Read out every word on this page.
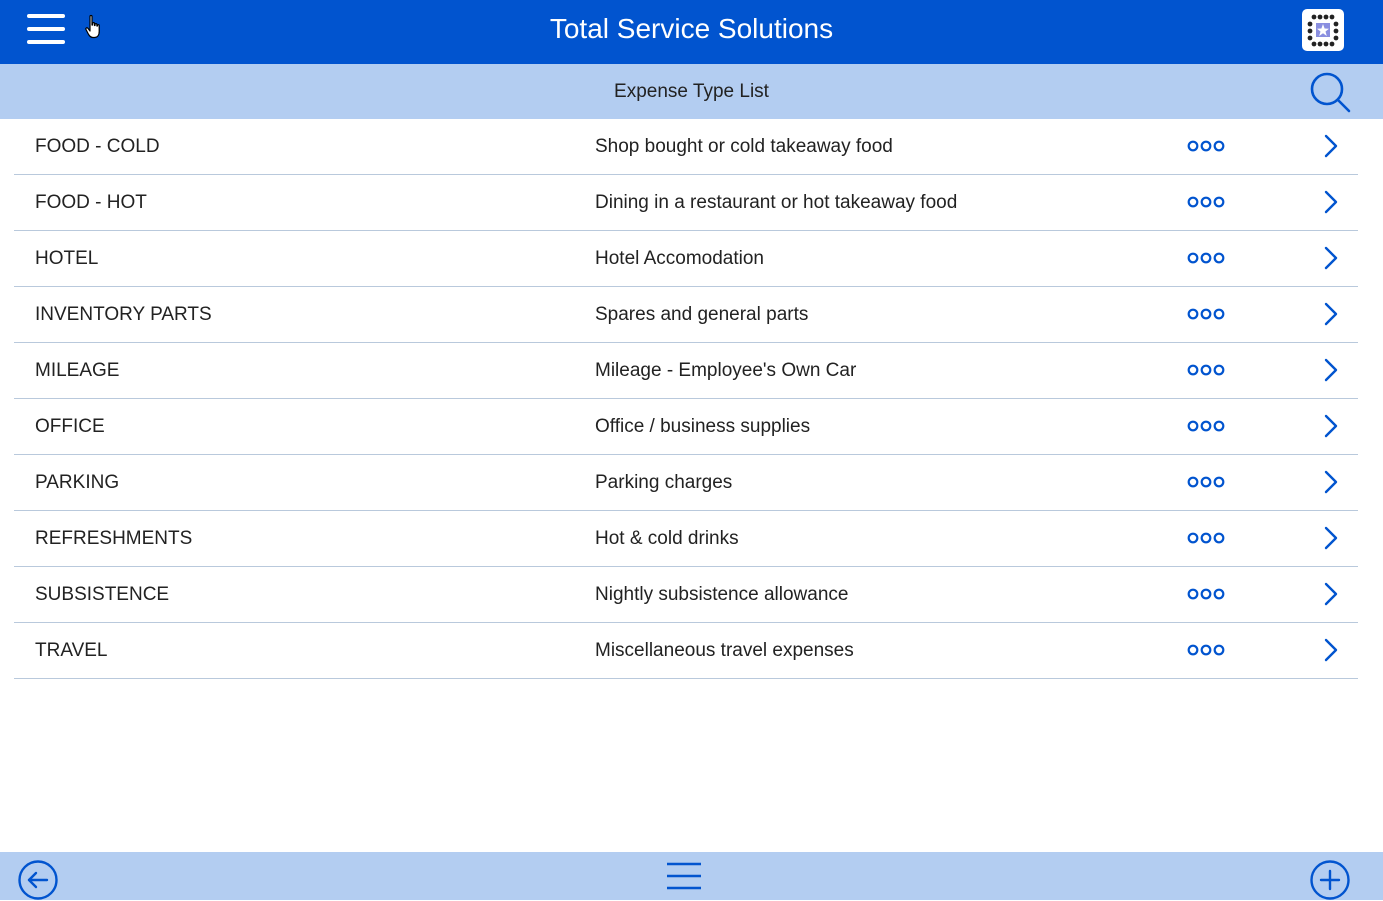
Total Service Solutions
Expense Type List
FOOD - COLD	Shop bought or cold takeaway food
FOOD - HOT	Dining in a restaurant or hot takeaway food
HOTEL	Hotel Accomodation
INVENTORY PARTS	Spares and general parts
MILEAGE	Mileage - Employee's Own Car
OFFICE	Office / business supplies
PARKING	Parking charges
REFRESHMENTS	Hot & cold drinks
SUBSISTENCE	Nightly subsistence allowance
TRAVEL	Miscellaneous travel expenses
